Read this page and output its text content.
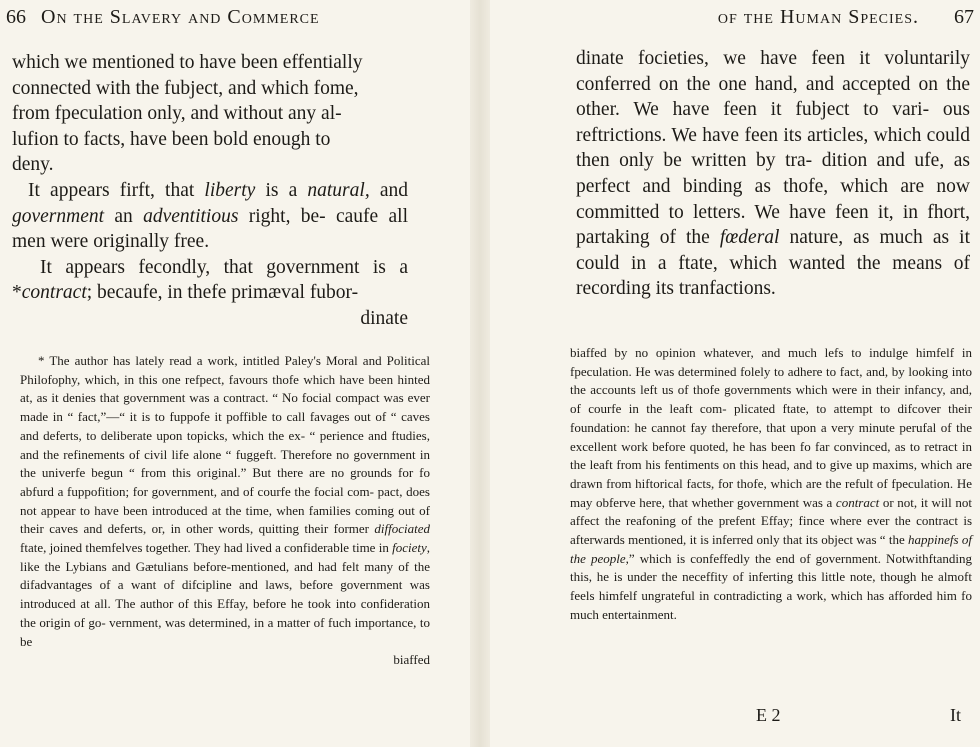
66 On the Slavery and Commerce

which we mentioned to have been effentially

connected with the fubject, and which fome,

from fpeculation only, and without any al-

lufion to facts, have been bold enough to

deny.

It appears firft, that liberty is a natural, and government an adventitious right, be- caufe all men were originally free.

It appears fecondly, that government is a *contract; becaufe, in thefe primæval fubor-

dinate

* The author has lately read a work, intitled Paley's Moral and Political Philofophy, which, in this one refpect, favours thofe which have been hinted at, as it denies that government was a contract. “ No focial compact was ever made in “ fact,”—“ it is to fuppofe it poffible to call favages out of “ caves and deferts, to deliberate upon topicks, which the ex- “ perience and ftudies, and the refinements of civil life alone “ fuggeft. Therefore no government in the univerfe begun “ from this original.” But there are no grounds for fo abfurd a fuppofition; for government, and of courfe the focial com- pact, does not appear to have been introduced at the time, when families coming out of their caves and deferts, or, in other words, quitting their former diffociated ftate, joined themfelves together. They had lived a confiderable time in fociety, like the Lybians and Gætulians before-mentioned, and had felt many of the difadvantages of a want of difcipline and laws, before government was introduced at all. The author of this Effay, before he took into confideration the origin of go- vernment, was determined, in a matter of fuch importance, to be

biaffed

of the Human Species. 67

dinate focieties, we have feen it voluntarily conferred on the one hand, and accepted on the other. We have feen it fubject to vari- ous reftrictions. We have feen its articles, which could then only be written by tra- dition and ufe, as perfect and binding as thofe, which are now committed to letters. We have feen it, in fhort, partaking of the fœderal nature, as much as it could in a ftate, which wanted the means of recording its tranfactions.

biaffed by no opinion whatever, and much lefs to indulge himfelf in fpeculation. He was determined folely to adhere to fact, and, by looking into the accounts left us of thofe governments which were in their infancy, and, of courfe in the leaft com- plicated ftate, to attempt to difcover their foundation: he cannot fay therefore, that upon a very minute perufal of the excellent work before quoted, he has been fo far convinced, as to retract in the leaft from his fentiments on this head, and to give up maxims, which are drawn from hiftorical facts, for thofe, which are the refult of fpeculation. He may obferve here, that whether government was a contract or not, it will not affect the reafoning of the prefent Effay; fince where ever the contract is afterwards mentioned, it is inferred only that its object was “ the happinefs of the people,” which is confeffedly the end of government. Notwithftanding this, he is under the neceffity of inferting this little note, though he almoft feels himfelf ungrateful in contradicting a work, which has afforded him fo much entertainment.

E 2	It
